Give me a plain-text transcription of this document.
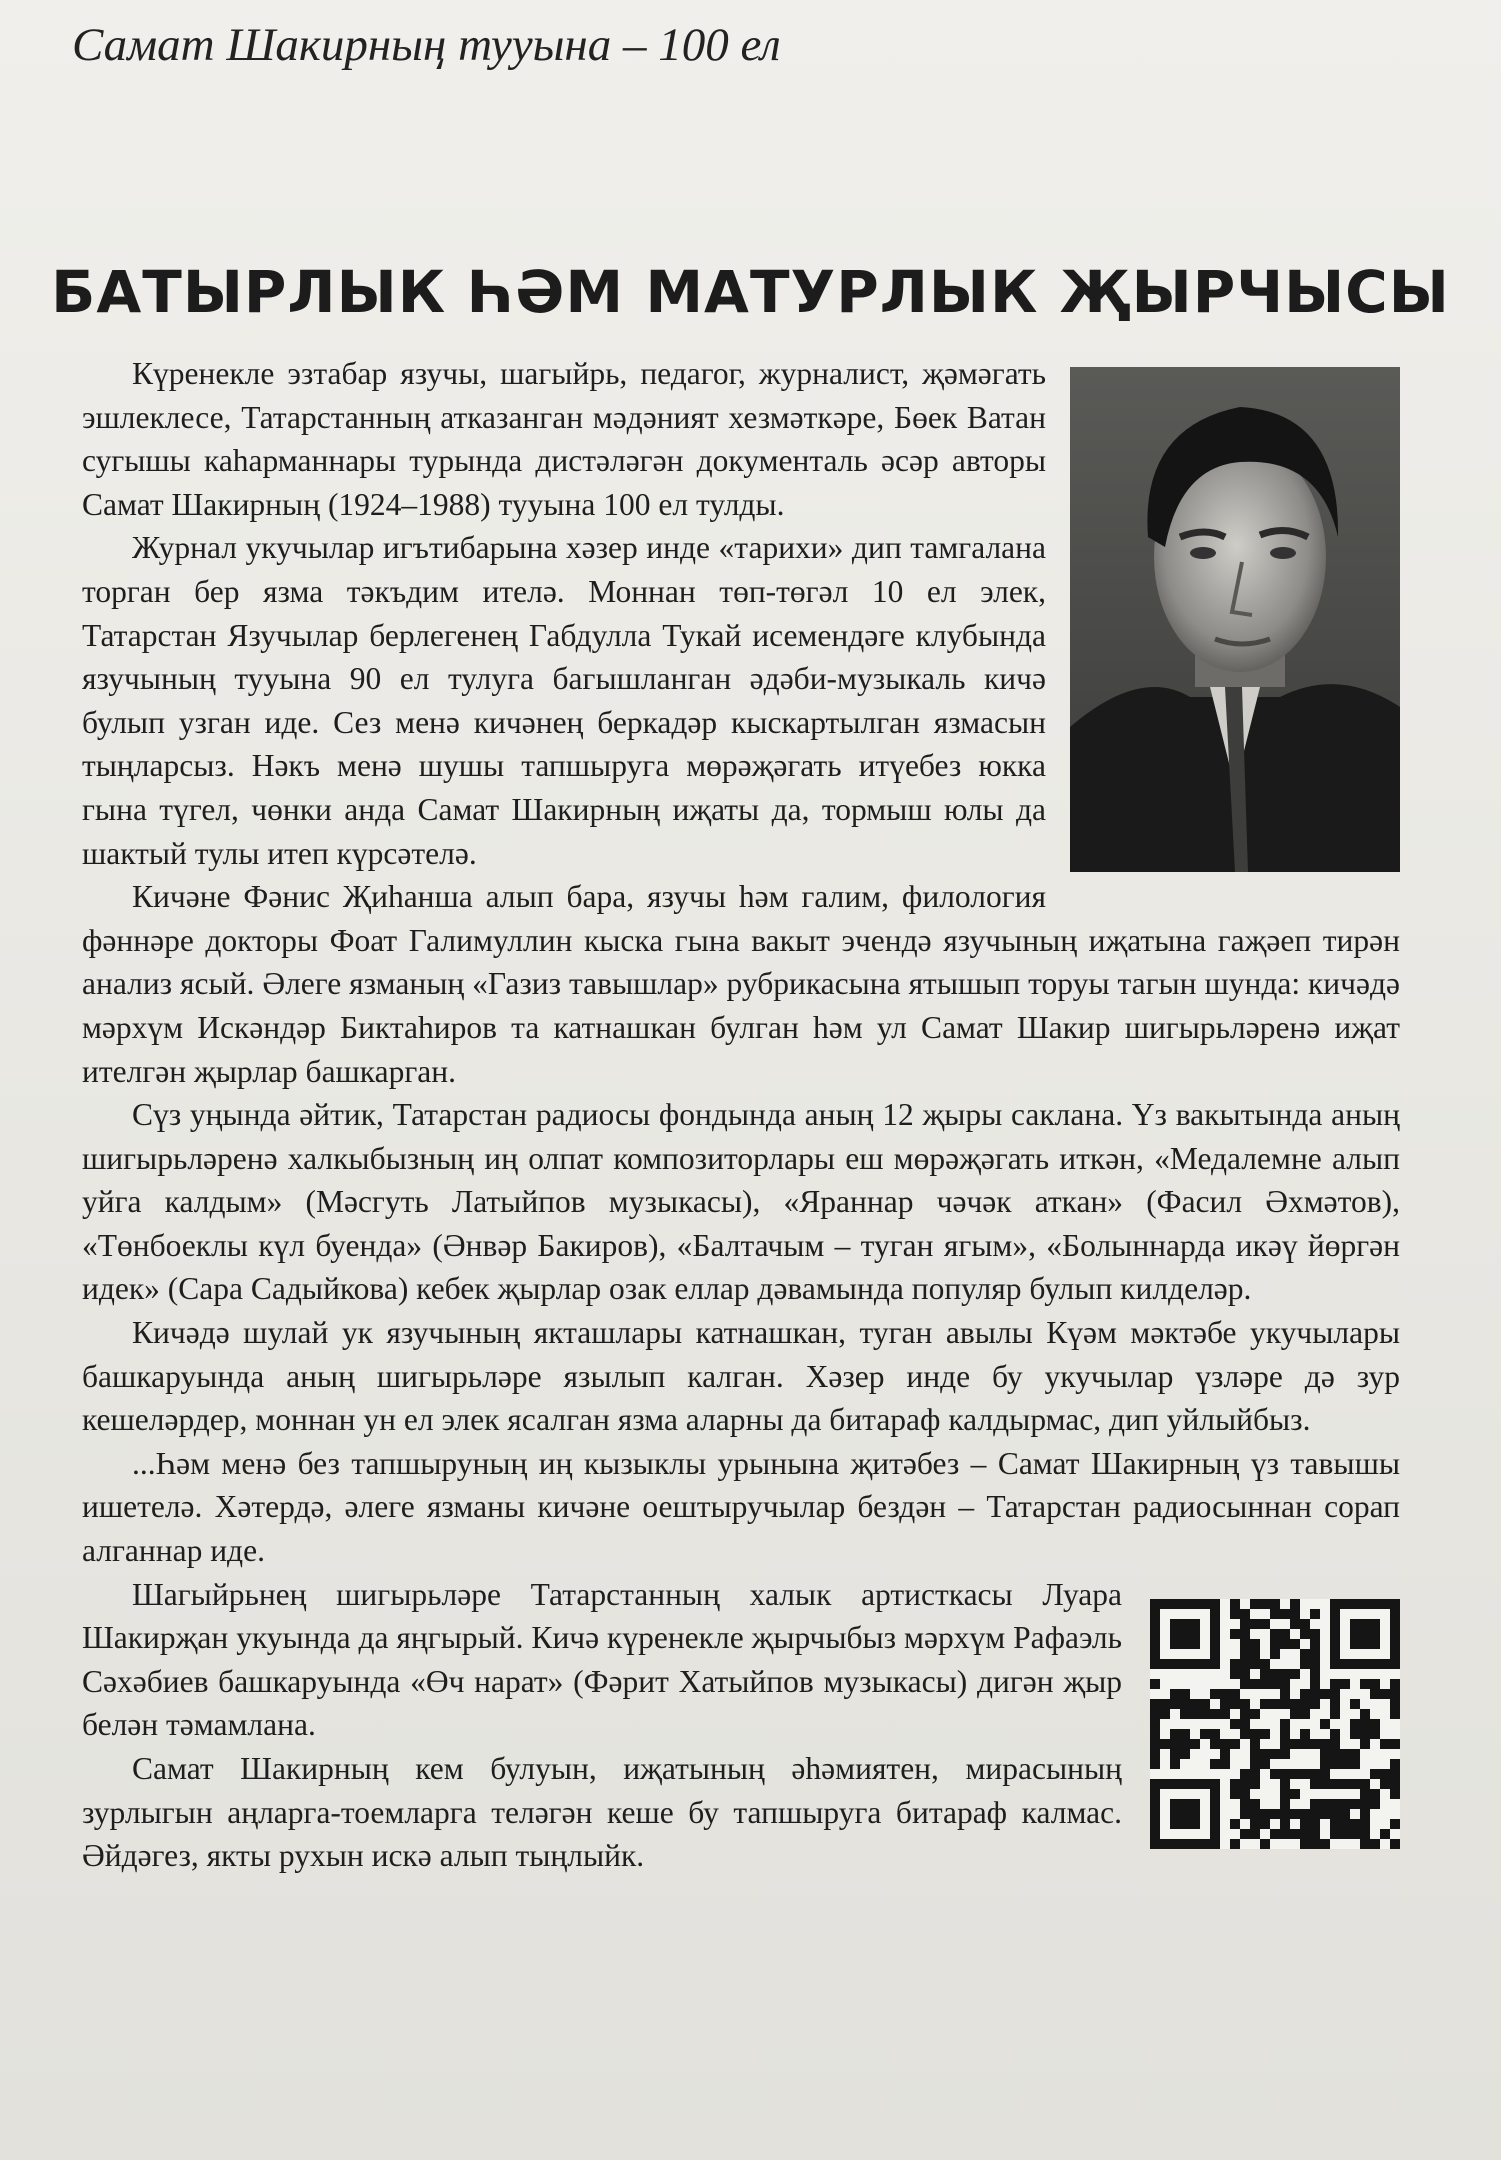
Самат Шакирның тууына – 100 ел
БАТЫРЛЫК ҺӘМ МАТУРЛЫК ҖЫРЧЫСЫ

Күренекле эзтабар язучы, шагыйрь, педагог, журналист, җәмәгать эшлеклесе, Татарстанның атказанган мәдәният хезмәткәре, Бөек Ватан сугышы каһарманнары турында дистәләгән документаль әсәр авторы Самат Шакирның (1924–1988) тууына 100 ел тулды.

Журнал укучылар игътибарына хәзер инде «тарихи» дип тамгалана торган бер язма тәкъдим ителә. Моннан төп-төгәл 10 ел элек, Татарстан Язучылар берлегенең Габдулла Тукай исемендәге клубында язучының тууына 90 ел тулуга багышланган әдәби-музыкаль кичә булып узган иде. Сез менә кичәнең беркадәр кыскартылган язмасын тыңларсыз. Нәкъ менә шушы тапшыруга мөрәҗәгать итүебез юкка гына түгел, чөнки анда Самат Шакирның иҗаты да, тормыш юлы да шактый тулы итеп күрсәтелә.

Кичәне Фәнис Җиһанша алып бара, язучы һәм галим, филология фәннәре докторы Фоат Галимуллин кыска гына вакыт эчендә язучының иҗатына гаҗәеп тирән анализ ясый. Әлеге язманың «Газиз тавышлар» рубрикасына ятышып торуы тагын шунда: кичәдә мәрхүм Искәндәр Биктаһиров та катнашкан булган һәм ул Самат Шакир шигырьләренә иҗат ителгән җырлар башкарган.

Сүз уңында әйтик, Татарстан радиосы фондында аның 12 җыры саклана. Үз вакытында аның шигырьләренә халкыбызның иң олпат композиторлары еш мөрәҗәгать иткән, «Медалемне алып уйга калдым» (Мәсгуть Латыйпов музыкасы), «Яраннар чәчәк аткан» (Фасил Әхмәтов), «Төнбоеклы күл буенда» (Әнвәр Бакиров), «Балтачым – туган ягым», «Болыннарда икәү йөргән идек» (Сара Садыйкова) кебек җырлар озак еллар дәвамында популяр булып килделәр.

Кичәдә шулай ук язучының якташлары катнашкан, туган авылы Күәм мәктәбе укучылары башкаруында аның шигырьләре язылып калган. Хәзер инде бу укучылар үзләре дә зур кешеләрдер, моннан ун ел элек ясалган язма аларны да битараф калдырмас, дип уйлыйбыз.

...Һәм менә без тапшыруның иң кызыклы урынына җитәбез – Самат Шакирның үз тавышы ишетелә. Хәтердә, әлеге язманы кичәне оештыручылар бездән – Татарстан радиосыннан сорап алганнар иде.

Шагыйрьнең шигырьләре Татарстанның халык артисткасы Луара Шакирҗан укуында да яңгырый. Кичә күренекле җырчыбыз мәрхүм Рафаэль Сәхәбиев башкаруында «Өч нарат» (Фәрит Хатыйпов музыкасы) дигән җыр белән тәмамлана.

Самат Шакирның кем булуын, иҗатының әһәмиятен, мирасының зурлыгын аңларга-тоемларга теләгән кеше бу тапшыруга битараф калмас. Әйдәгез, якты рухын искә алып тыңлыйк.
